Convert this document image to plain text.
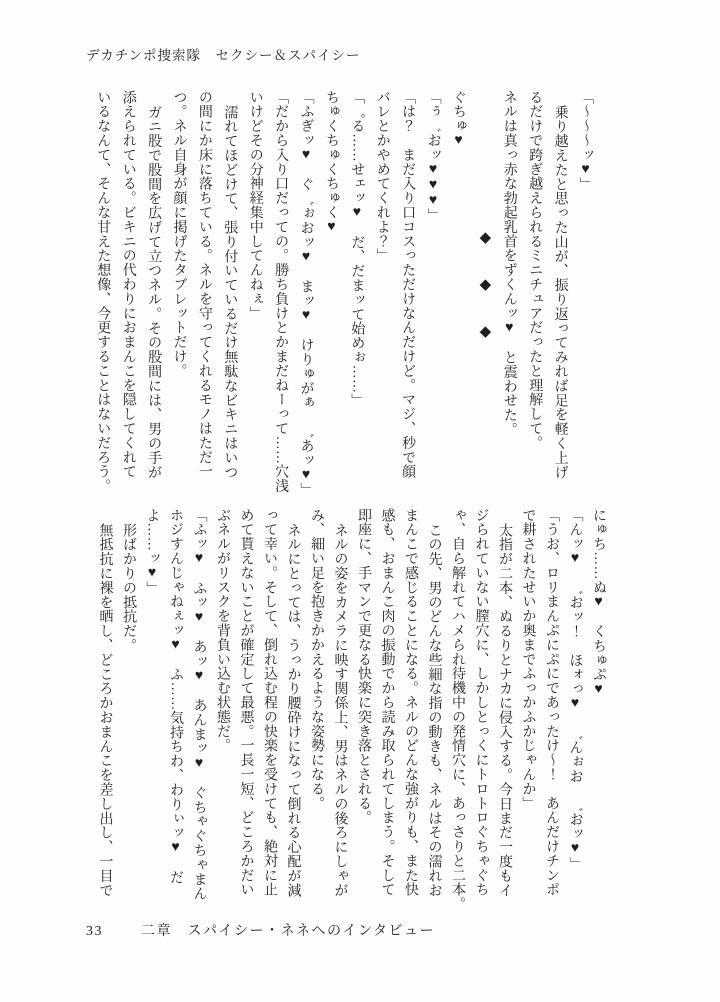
デカチンポ捜索隊　セクシー＆スパイシー

「〜〜〜ッ♥」

乗り越えたと思った山が、振り返ってみれば足を軽く上げ

るだけで跨ぎ越えられるミニチュアだったと理解して。

ネルは真っ赤な勃起乳首をずくんッ♥　と震わせた。

◆　◆　◆

ぐちゅ♥

「ぅ゛おッ♥♥♥」

「は？　まだ入り口コスっただけなんだけど。マジ、秒で顔

バレとかやめてくれよ？」

「゜る……せェッ♥　だ、だまッて始めぉ……」

ちゅくちゅくちゅく♥

「ふぎッ♥　ぐ゛ぉおッ♥　まッ♥　けりゅがぁ　゛あッ♥」

「だから入り口だっての。勝ち負けとかまだねーって……穴浅

いけどその分神経集中してんねぇ」

濡れてほどけて、張り付いているだけ無駄なビキニはいつ

の間にか床に落ちている。ネルを守ってくれるモノはただ一

つ。ネル自身が顔に掲げたタブレットだけ。

ガニ股で股間を広げて立つネル。その股間には、男の手が

添えられている。ビキニの代わりにおまんこを隠してくれて

いるなんて、そんな甘えた想像、今更することはないだろう。

にゅち……ぬ♥　くちゅぷ♥

「んッ♥　゛おッ！　ほォっ♥　゛んぉお　゛おッ♥」

「うお、ロリまんぷにぷにであったけ〜！　あんだけチンポ

で耕されたせいか奥までふっかふかじゃんか」

太指が二本、ぬるりとナカに侵入する。今日まだ一度もイ

ジられていない膣穴に、しかしとっくにトロトロぐちゃぐち

ゃ、自ら解れてハメられ待機中の発情穴に、あっさりと二本。

この先、男のどんな些細な指の動きも、ネルはその濡れお

まんこで感じることになる。ネルのどんな強がりも、また快

感も、おまんこ肉の振動でから読み取られてしまう。そして

即座に、手マンで更なる快楽に突き落とされる。

ネルの姿をカメラに映す関係上、男はネルの後ろにしゃが

み、細い足を抱きかかえるような姿勢になる。

ネルにとっては、うっかり腰砕けになって倒れる心配が減

って幸い。そして、倒れ込む程の快楽を受けても、絶対に止

めて貰えないことが確定して最悪。一長一短、どころかだい

ぶネルがリスクを背負い込む状態だ。

「ふッ♥　ふッ♥　あッ♥　あんまッ♥　ぐちゃぐちゃまん

ホジすんじゃねぇッ♥　ふ……気持ちわ、わりぃッ♥　だ

よ……ッ♥」

形ばかりの抵抗だ。

無抵抗に裸を晒し、どころかおまんこを差し出し、一目で

33	二章　スパイシー・ネネへのインタビュー
